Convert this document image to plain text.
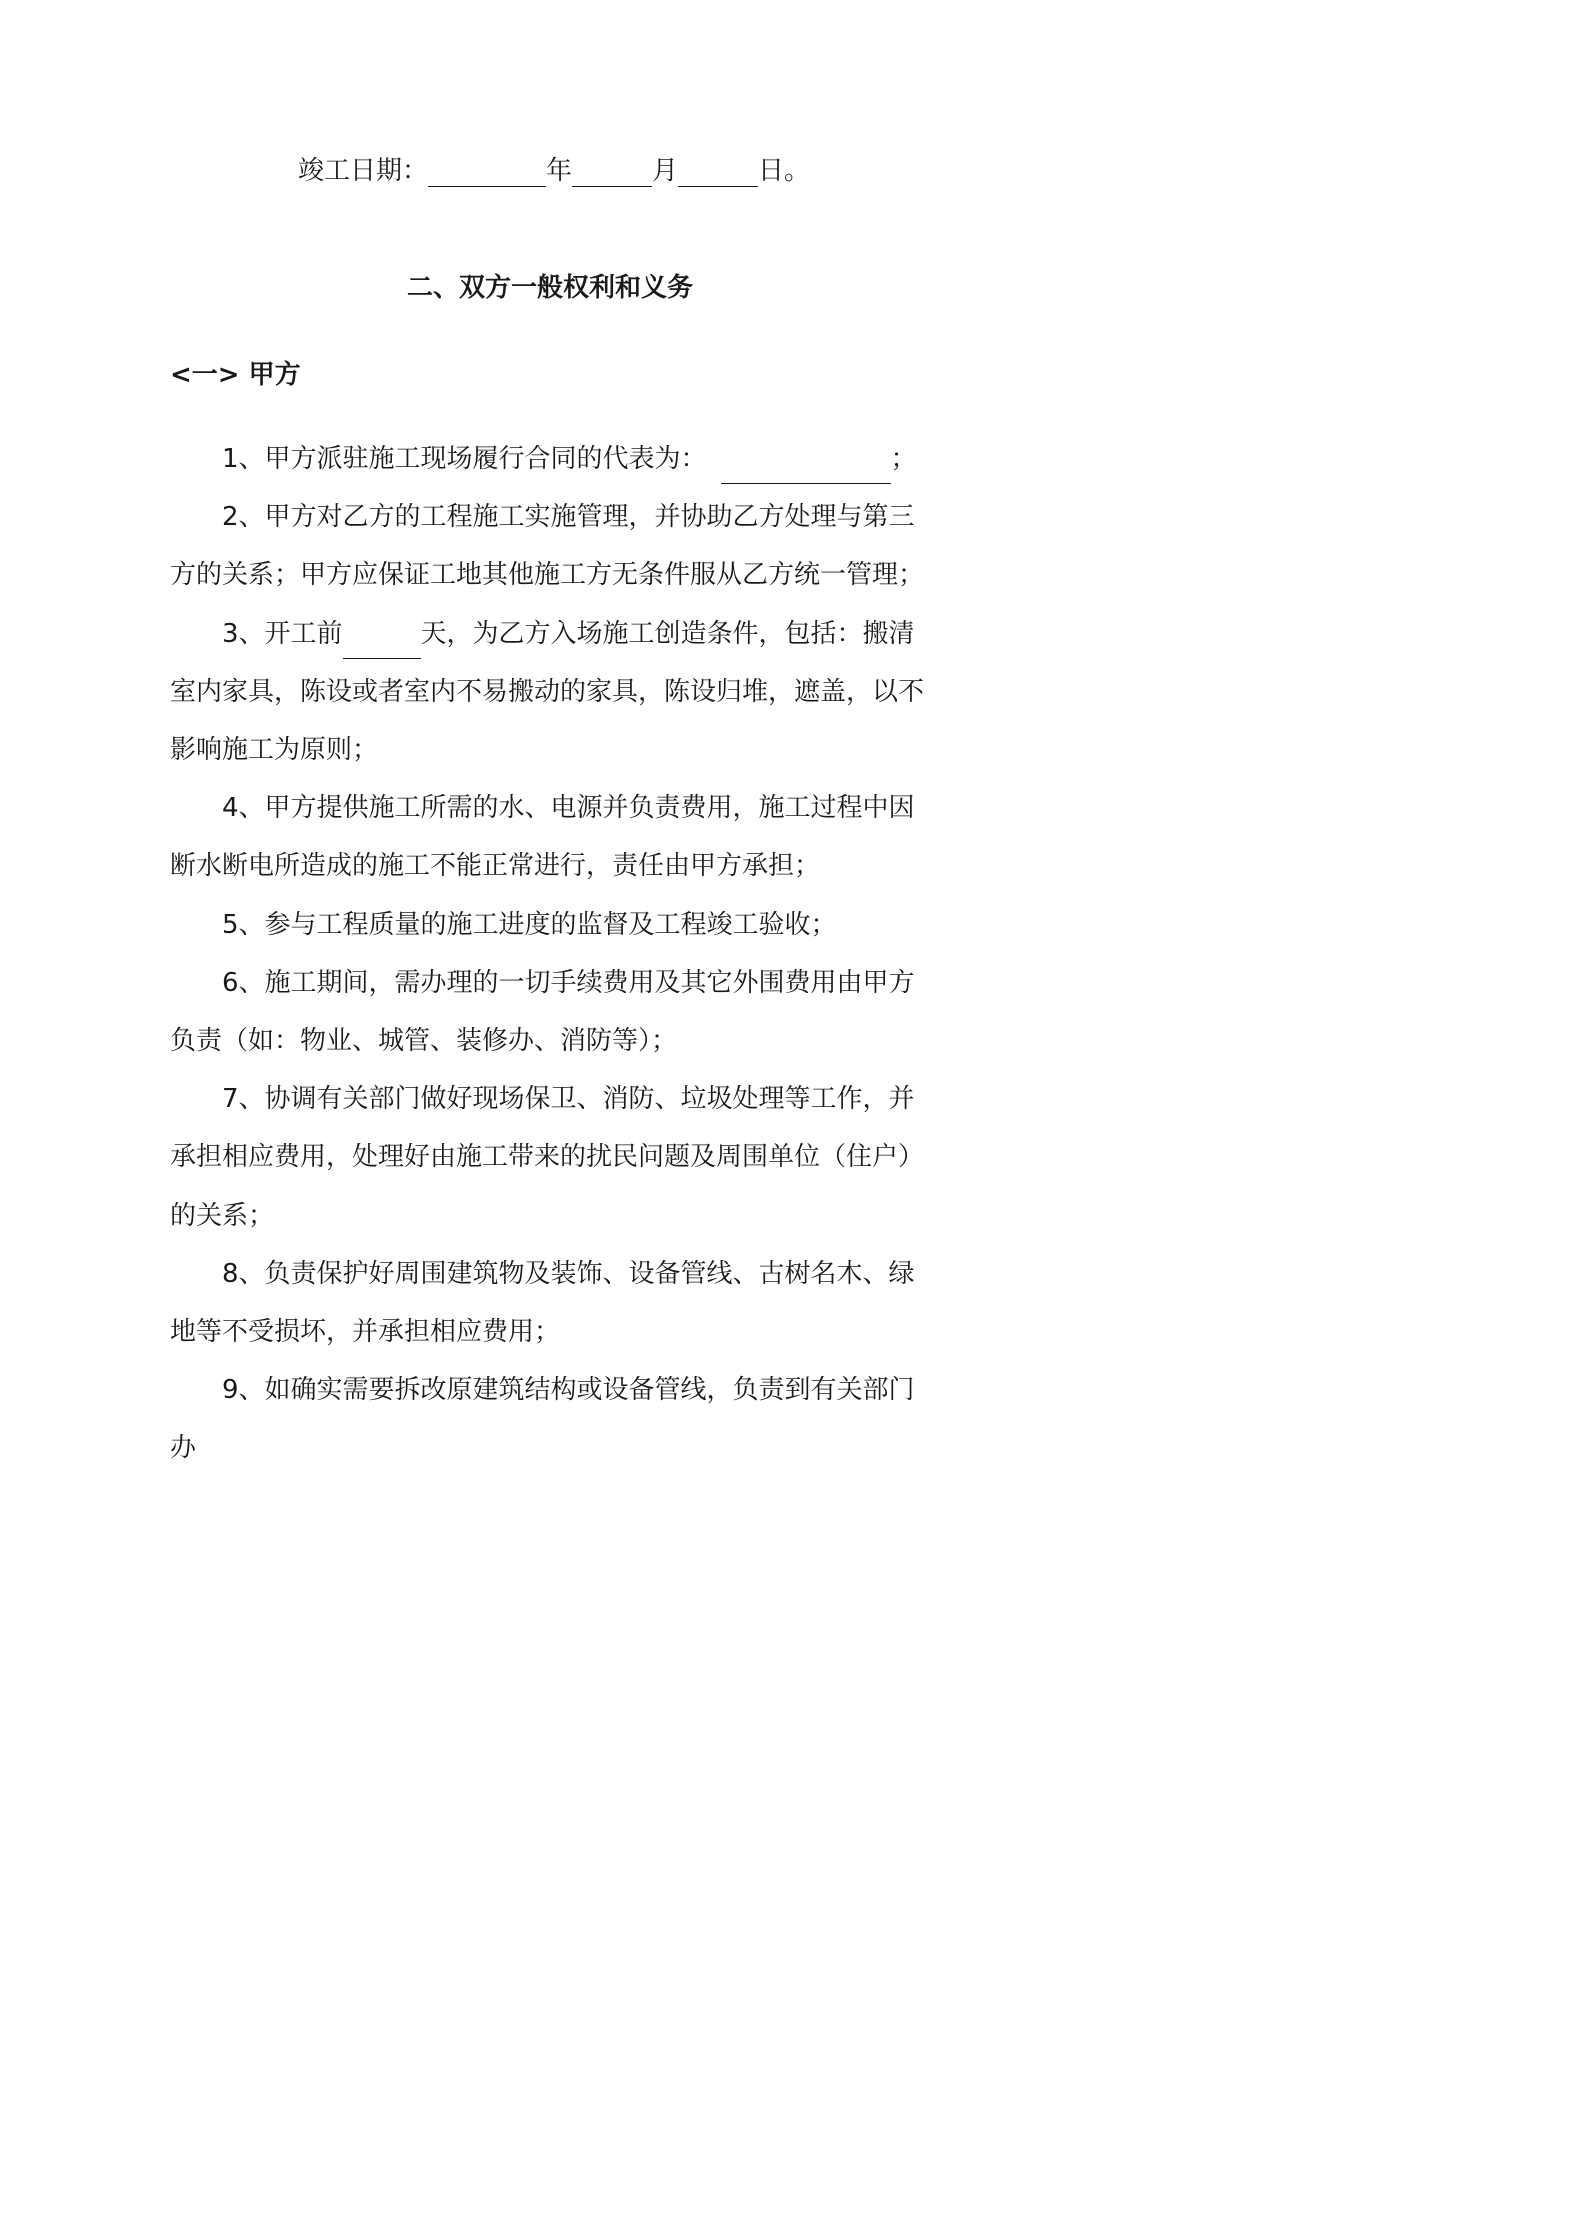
竣工日期：	年	月	日。
二、双方一般权利和义务
<一> 甲方

1、甲方派驻施工现场履行合同的代表为：	；

2、甲方对乙方的工程施工实施管理，并协助乙方处理与第三方的关系；甲方应保证工地其他施工方无条件服从乙方统一管理；

3、开工前	天，为乙方入场施工创造条件，包括：搬清室内家具，陈设或者室内不易搬动的家具，陈设归堆，遮盖，以不影响施工为原则；

4、甲方提供施工所需的水、电源并负责费用，施工过程中因断水断电所造成的施工不能正常进行，责任由甲方承担；

5、参与工程质量的施工进度的监督及工程竣工验收；

6、施工期间，需办理的一切手续费用及其它外围费用由甲方负责（如：物业、城管、装修办、消防等）；

7、协调有关部门做好现场保卫、消防、垃圾处理等工作，并承担相应费用，处理好由施工带来的扰民问题及周围单位（住户）的关系；

8、负责保护好周围建筑物及装饰、设备管线、古树名木、绿地等不受损坏，并承担相应费用；

9、如确实需要拆改原建筑结构或设备管线，负责到有关部门办
